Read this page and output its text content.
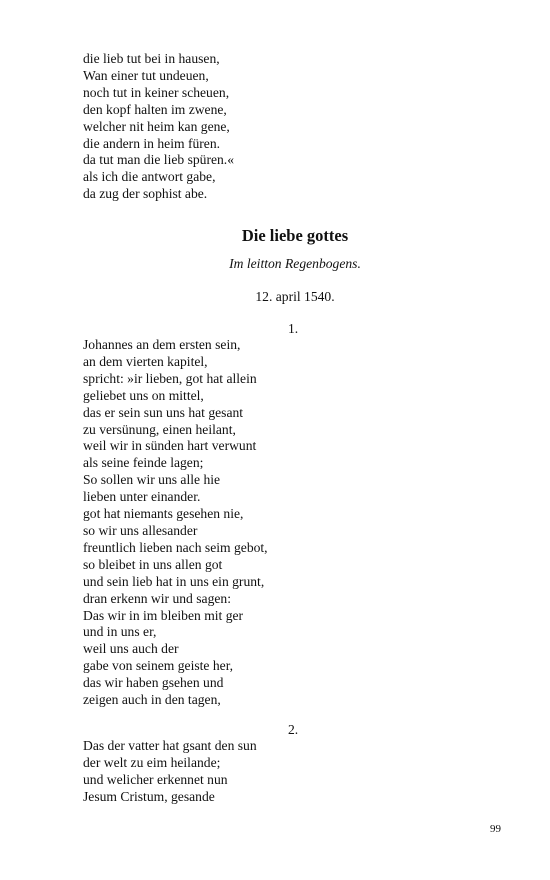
die lieb tut bei in hausen,
Wan einer tut undeuen,
noch tut in keiner scheuen,
den kopf halten im zwene,
welcher nit heim kan gene,
die andern in heim füren.
da tut man die lieb spüren.«
als ich die antwort gabe,
da zug der sophist abe.
Die liebe gottes
Im leitton Regenbogens.
12. april 1540.
1.
Johannes an dem ersten sein,
an dem vierten kapitel,
spricht: »ir lieben, got hat allein
geliebet uns on mittel,
das er sein sun uns hat gesant
zu versünung, einen heilant,
weil wir in sünden hart verwunt
als seine feinde lagen;
So sollen wir uns alle hie
lieben unter einander.
got hat niemants gesehen nie,
so wir uns allesander
freuntlich lieben nach seim gebot,
so bleibet in uns allen got
und sein lieb hat in uns ein grunt,
dran erkenn wir und sagen:
Das wir in im bleiben mit ger
und in uns er,
weil uns auch der
gabe von seinem geiste her,
das wir haben gsehen und
zeigen auch in den tagen,
2.
Das der vatter hat gsant den sun
der welt zu eim heilande;
und welicher erkennet nun
Jesum Cristum, gesande
99
